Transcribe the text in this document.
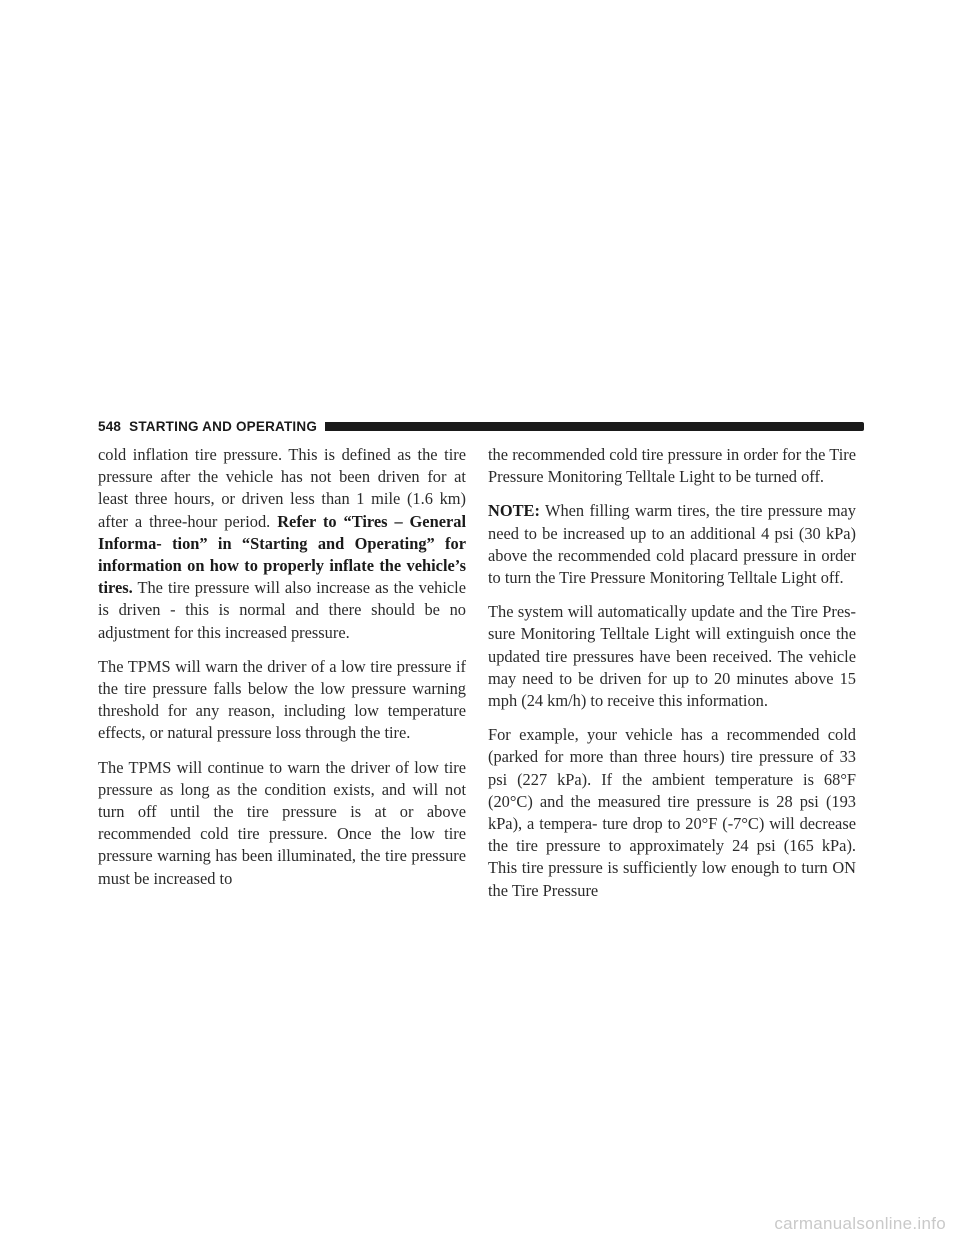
548 STARTING AND OPERATING

cold inflation tire pressure. This is defined as the tire pressure after the vehicle has not been driven for at least three hours, or driven less than 1 mile (1.6 km) after a three-hour period. Refer to “Tires – General Informa- tion” in “Starting and Operating” for information on how to properly inflate the vehicle’s tires. The tire pressure will also increase as the vehicle is driven - this is normal and there should be no adjustment for this increased pressure.

The TPMS will warn the driver of a low tire pressure if the tire pressure falls below the low pressure warning threshold for any reason, including low temperature effects, or natural pressure loss through the tire.

The TPMS will continue to warn the driver of low tire pressure as long as the condition exists, and will not turn off until the tire pressure is at or above recommended cold tire pressure. Once the low tire pressure warning has been illuminated, the tire pressure must be increased to

the recommended cold tire pressure in order for the Tire Pressure Monitoring Telltale Light to be turned off.

NOTE: When filling warm tires, the tire pressure may need to be increased up to an additional 4 psi (30 kPa) above the recommended cold placard pressure in order to turn the Tire Pressure Monitoring Telltale Light off.

The system will automatically update and the Tire Pres- sure Monitoring Telltale Light will extinguish once the updated tire pressures have been received. The vehicle may need to be driven for up to 20 minutes above 15 mph (24 km/h) to receive this information.

For example, your vehicle has a recommended cold (parked for more than three hours) tire pressure of 33 psi (227 kPa). If the ambient temperature is 68°F (20°C) and the measured tire pressure is 28 psi (193 kPa), a tempera- ture drop to 20°F (-7°C) will decrease the tire pressure to approximately 24 psi (165 kPa). This tire pressure is sufficiently low enough to turn ON the Tire Pressure

carmanualsonline.info
